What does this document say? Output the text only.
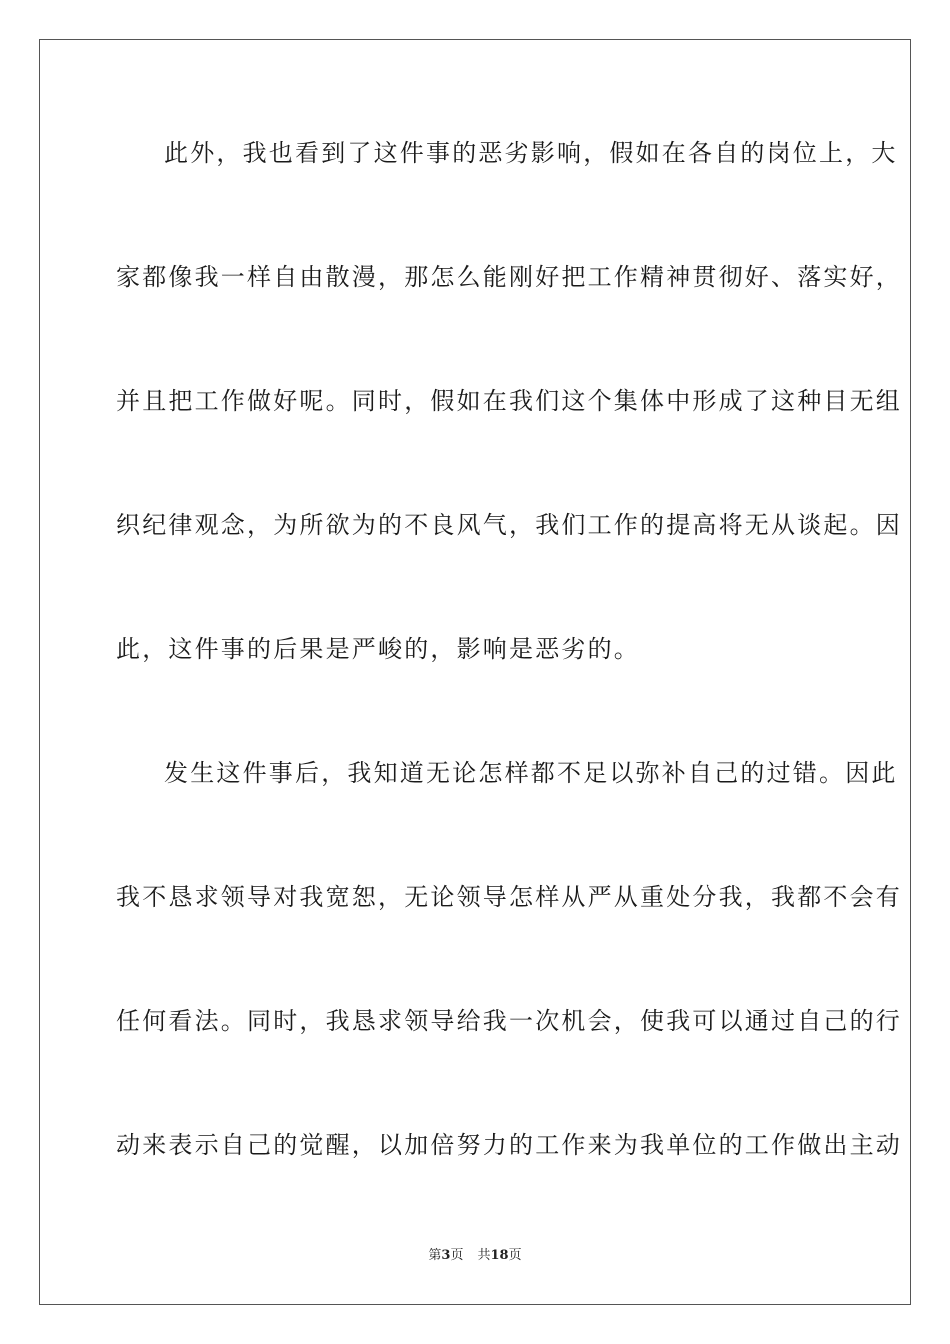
此外，我也看到了这件事的恶劣影响，假如在各自的岗位上，大
家都像我一样自由散漫，那怎么能刚好把工作精神贯彻好、落实好，
并且把工作做好呢。同时，假如在我们这个集体中形成了这种目无组
织纪律观念，为所欲为的不良风气，我们工作的提高将无从谈起。因
此，这件事的后果是严峻的，影响是恶劣的。
发生这件事后，我知道无论怎样都不足以弥补自己的过错。因此
我不恳求领导对我宽恕，无论领导怎样从严从重处分我，我都不会有
任何看法。同时，我恳求领导给我一次机会，使我可以通过自己的行
动来表示自己的觉醒，以加倍努力的工作来为我单位的工作做出主动
第3页 共18页
